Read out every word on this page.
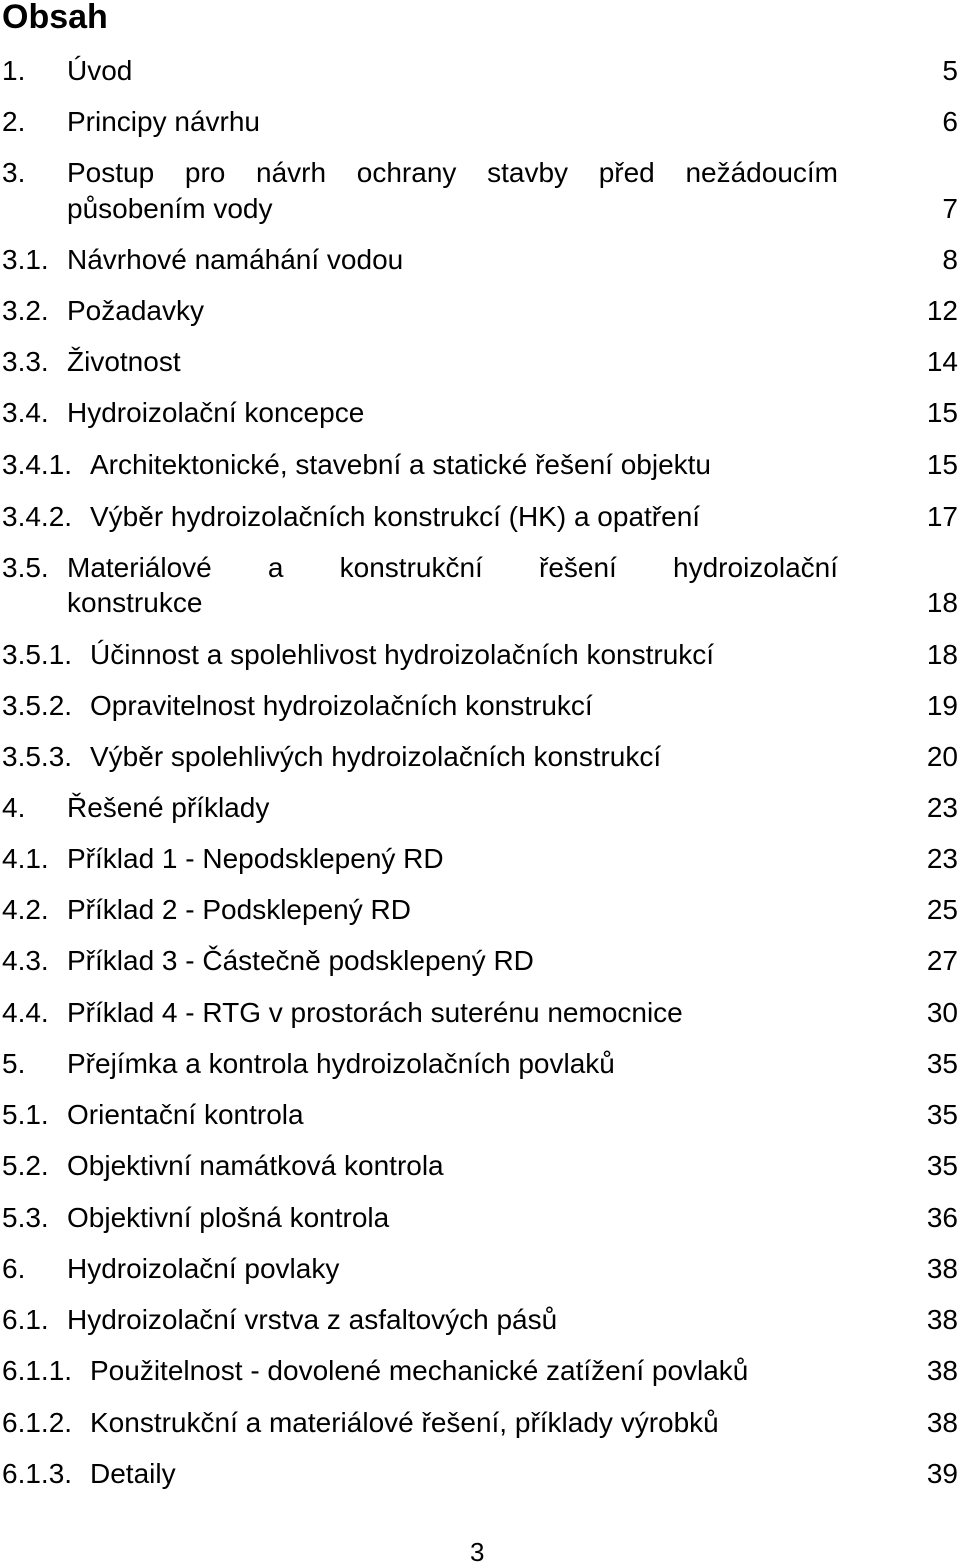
Obsah
1. Úvod	5
2. Principy návrhu	6
3. Postup pro návrh ochrany stavby před nežádoucím
působením vody	7
3.1. Návrhové namáhání vodou	8
3.2. Požadavky	12
3.3. Životnost	14
3.4. Hydroizolační koncepce	15
3.4.1. Architektonické, stavební a statické řešení objektu	15
3.4.2. Výběr hydroizolačních konstrukcí (HK) a opatření	17
3.5. Materiálové a konstrukční řešení hydroizolační
konstrukce	18
3.5.1. Účinnost a spolehlivost hydroizolačních konstrukcí	18
3.5.2. Opravitelnost hydroizolačních konstrukcí	19
3.5.3. Výběr spolehlivých hydroizolačních konstrukcí	20
4. Řešené příklady	23
4.1. Příklad 1 - Nepodsklepený RD	23
4.2. Příklad 2 - Podsklepený RD	25
4.3. Příklad 3 - Částečně podsklepený RD	27
4.4. Příklad 4 - RTG v prostorách suterénu nemocnice	30
5. Přejímka a kontrola hydroizolačních povlaků	35
5.1. Orientační kontrola	35
5.2. Objektivní namátková kontrola	35
5.3. Objektivní plošná kontrola	36
6. Hydroizolační povlaky	38
6.1. Hydroizolační vrstva z asfaltových pásů	38
6.1.1. Použitelnost - dovolené mechanické zatížení povlaků	38
6.1.2. Konstrukční a materiálové řešení, příklady výrobků	38
6.1.3. Detaily	39
3
